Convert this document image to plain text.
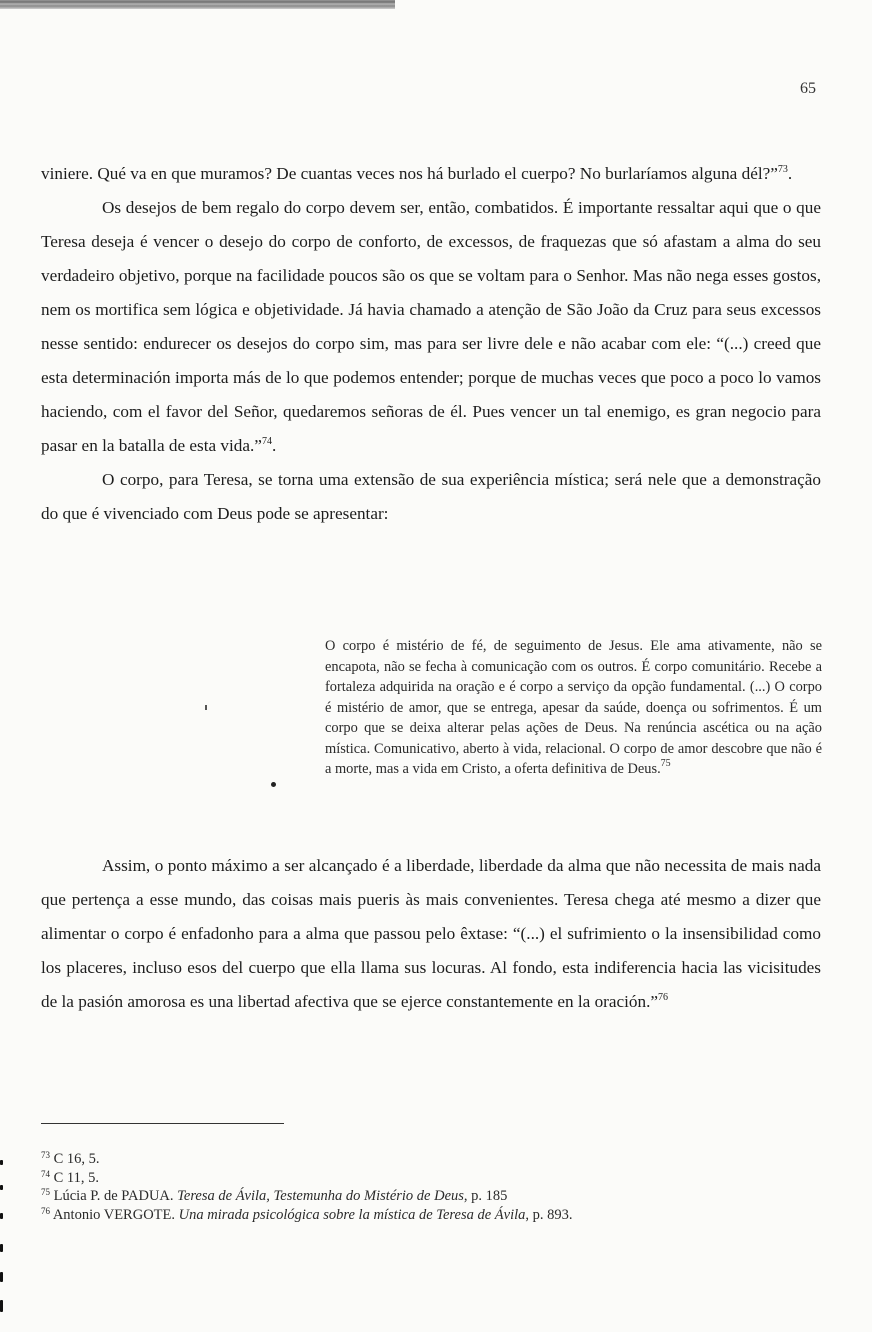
65

viniere. Qué va en que muramos? De cuantas veces nos há burlado el cuerpo? No burlaríamos alguna dél?”$^{73}$.

Os desejos de bem regalo do corpo devem ser, então, combatidos. É importante ressaltar aqui que o que Teresa deseja é vencer o desejo do corpo de conforto, de excessos, de fraquezas que só afastam a alma do seu verdadeiro objetivo, porque na facilidade poucos são os que se voltam para o Senhor. Mas não nega esses gostos, nem os mortifica sem lógica e objetividade. Já havia chamado a atenção de São João da Cruz para seus excessos nesse sentido: endurecer os desejos do corpo sim, mas para ser livre dele e não acabar com ele: “(...) creed que esta determinación importa más de lo que podemos entender; porque de muchas veces que poco a poco lo vamos haciendo, com el favor del Señor, quedaremos señoras de él. Pues vencer un tal enemigo, es gran negocio para pasar en la batalla de esta vida.”$^{74}$.

O corpo, para Teresa, se torna uma extensão de sua experiência mística; será nele que a demonstração do que é vivenciado com Deus pode se apresentar:

O corpo é mistério de fé, de seguimento de Jesus. Ele ama ativamente, não se encapota, não se fecha à comunicação com os outros. É corpo comunitário. Recebe a fortaleza adquirida na oração e é corpo a serviço da opção fundamental. (...) O corpo é mistério de amor, que se entrega, apesar da saúde, doença ou sofrimentos. É um corpo que se deixa alterar pelas ações de Deus. Na renúncia ascética ou na ação mística. Comunicativo, aberto à vida, relacional. O corpo de amor descobre que não é a morte, mas a vida em Cristo, a oferta definitiva de Deus.$^{75}$

Assim, o ponto máximo a ser alcançado é a liberdade, liberdade da alma que não necessita de mais nada que pertença a esse mundo, das coisas mais pueris às mais convenientes. Teresa chega até mesmo a dizer que alimentar o corpo é enfadonho para a alma que passou pelo êxtase: “(...) el sufrimiento o la insensibilidad como los placeres, incluso esos del cuerpo que ella llama sus locuras. Al fondo, esta indiferencia hacia las vicisitudes de la pasión amorosa es una libertad afectiva que se ejerce constantemente en la oración.”$^{76}$

$^{73}$ C 16, 5.
$^{74}$ C 11, 5.
$^{75}$ Lúcia P. de PADUA. Teresa de Ávila, Testemunha do Mistério de Deus, p. 185
$^{76}$ Antonio VERGOTE. Una mirada psicológica sobre la mística de Teresa de Ávila, p. 893.
